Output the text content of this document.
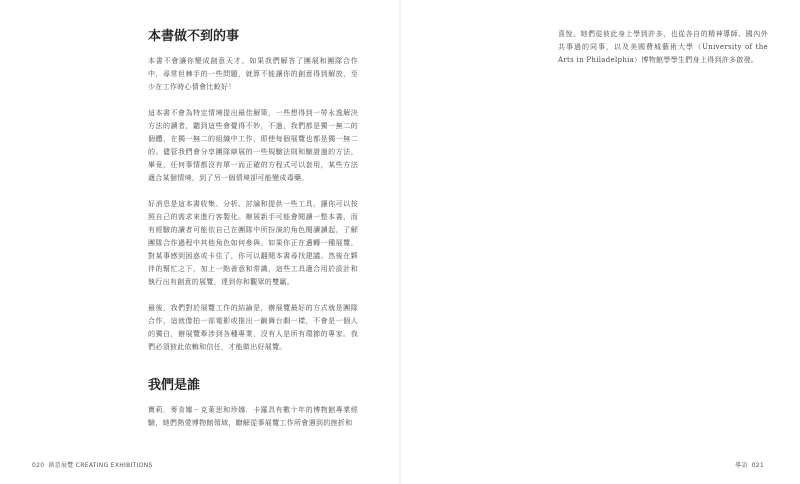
本書做不到的事

本書不會讓你變成創意天才。如果我們解答了團展和團隊合作中，尋常但棘手的一些問題，就算不能讓你的創意得到解放，至少在工作時心情會比較好！

這本書不會為特定情境提出最佳解策，一些想得到一勞永逸解決方法的讀者，聽到這些會覺得不妙，不過，我們都是獨一無二的個體，在獨一無二的組織中工作，即使每個展覽也都是獨一無二的。儘管我們會分享團隊辯展的一些規驗法則和驗證過的方法，畢竟，任何事情都沒有單一而正確的方程式可以套用，某些方法適合某個情境，到了另一個情境卻可能變成毒藥。

好消息是這本書收集、分析、討論和提供一些工具，讓你可以按照自己的需求來進行客製化。辦展新手可能會閱讀一整本書，而有經驗的讀者可能依自己在團隊中所扮演的角色閱讀讀起，了解團隊合作過程中其他角色如何參與。如果你正在邁轉一種展覽，對某事感到困惑或卡住了，你可以翻閱本書尋找建議。然後在夥伴的幫忙之下，加上一點善意和常識，這些工具適合用於設計和執行出有創意的展覽，達到你和觀眾的雙贏。

最後，我們對於展覽工作的結論是，辦展覽最好的方式就是團隊合作，這就像拍一部電影或推出一齣舞台劇一樣，不會是一個人的獨白，辦展覽牽涉到各種專業，沒有人是所有環節的專家。我們必須彼此依賴和信任，才能做出好展覽。

我們是誰

寶莉．麥肯娜－克萊思和珍娜．卡羅具有數十年的博物館專業經驗，她們熱愛博物館領域，瞭解從事展覽工作所會遇到的挫折和

020 創意展覽 CREATING EXHIBITIONS

喜悅。她們從彼此身上學到許多，也從各自的精神導師、國內外共事過的同事，以及美國費城藝術大學（University of the Arts in Philadelphia）博物館學學生們身上得到許多啟發。

導語 021
